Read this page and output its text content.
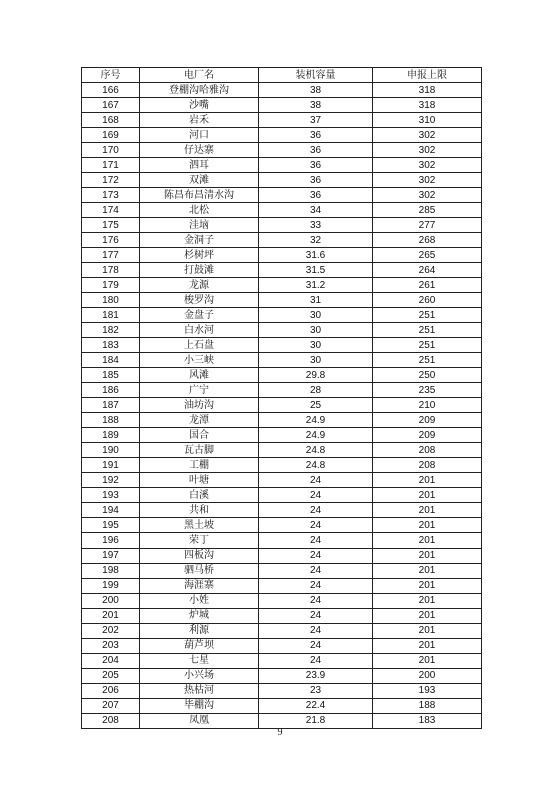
序号	电厂名	装机容量	申报上限
166	登棚沟哈雅沟	38	318
167	沙嘴	38	318
168	岩禾	37	310
169	河口	36	302
170	仔达寨	36	302
171	泗耳	36	302
172	双滩	36	302
173	陈昌布昌清水沟	36	302
174	北松	34	285
175	洼垴	33	277
176	金洞子	32	268
177	杉树坪	31.6	265
178	打鼓滩	31.5	264
179	龙源	31.2	261
180	梭罗沟	31	260
181	金盘子	30	251
182	白水河	30	251
183	上石盘	30	251
184	小三峡	30	251
185	风滩	29.8	250
186	广宁	28	235
187	油坊沟	25	210
188	龙潭	24.9	209
189	国合	24.9	209
190	瓦古脚	24.8	208
191	工棚	24.8	208
192	叶塘	24	201
193	白溪	24	201
194	共和	24	201
195	黑土坡	24	201
196	荣丁	24	201
197	四板沟	24	201
198	驷马桥	24	201
199	海涯寨	24	201
200	小姓	24	201
201	炉城	24	201
202	利源	24	201
203	葫芦坝	24	201
204	七星	24	201
205	小兴场	23.9	200
206	热枯河	23	193
207	毕棚沟	22.4	188
208	凤凰	21.8	183
9
